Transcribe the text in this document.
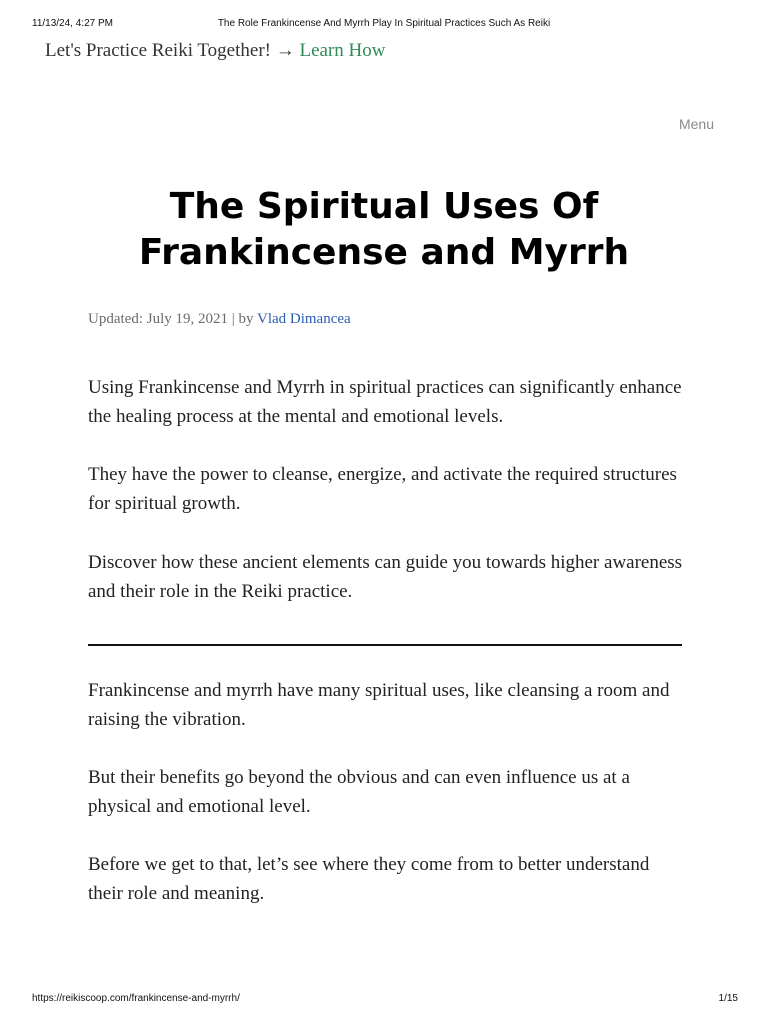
11/13/24, 4:27 PM	The Role Frankincense And Myrrh Play In Spiritual Practices Such As Reiki
Let's Practice Reiki Together! → Learn How
Menu
The Spiritual Uses Of
Frankincense and Myrrh
Updated: July 19, 2021 | by Vlad Dimancea

Using Frankincense and Myrrh in spiritual practices can significantly enhance the healing process at the mental and emotional levels.

They have the power to cleanse, energize, and activate the required structures for spiritual growth.

Discover how these ancient elements can guide you towards higher awareness and their role in the Reiki practice.

Frankincense and myrrh have many spiritual uses, like cleansing a room and raising the vibration.

But their benefits go beyond the obvious and can even influence us at a physical and emotional level.

Before we get to that, let’s see where they come from to better understand their role and meaning.

https://reikiscoop.com/frankincense-and-myrrh/	1/15
